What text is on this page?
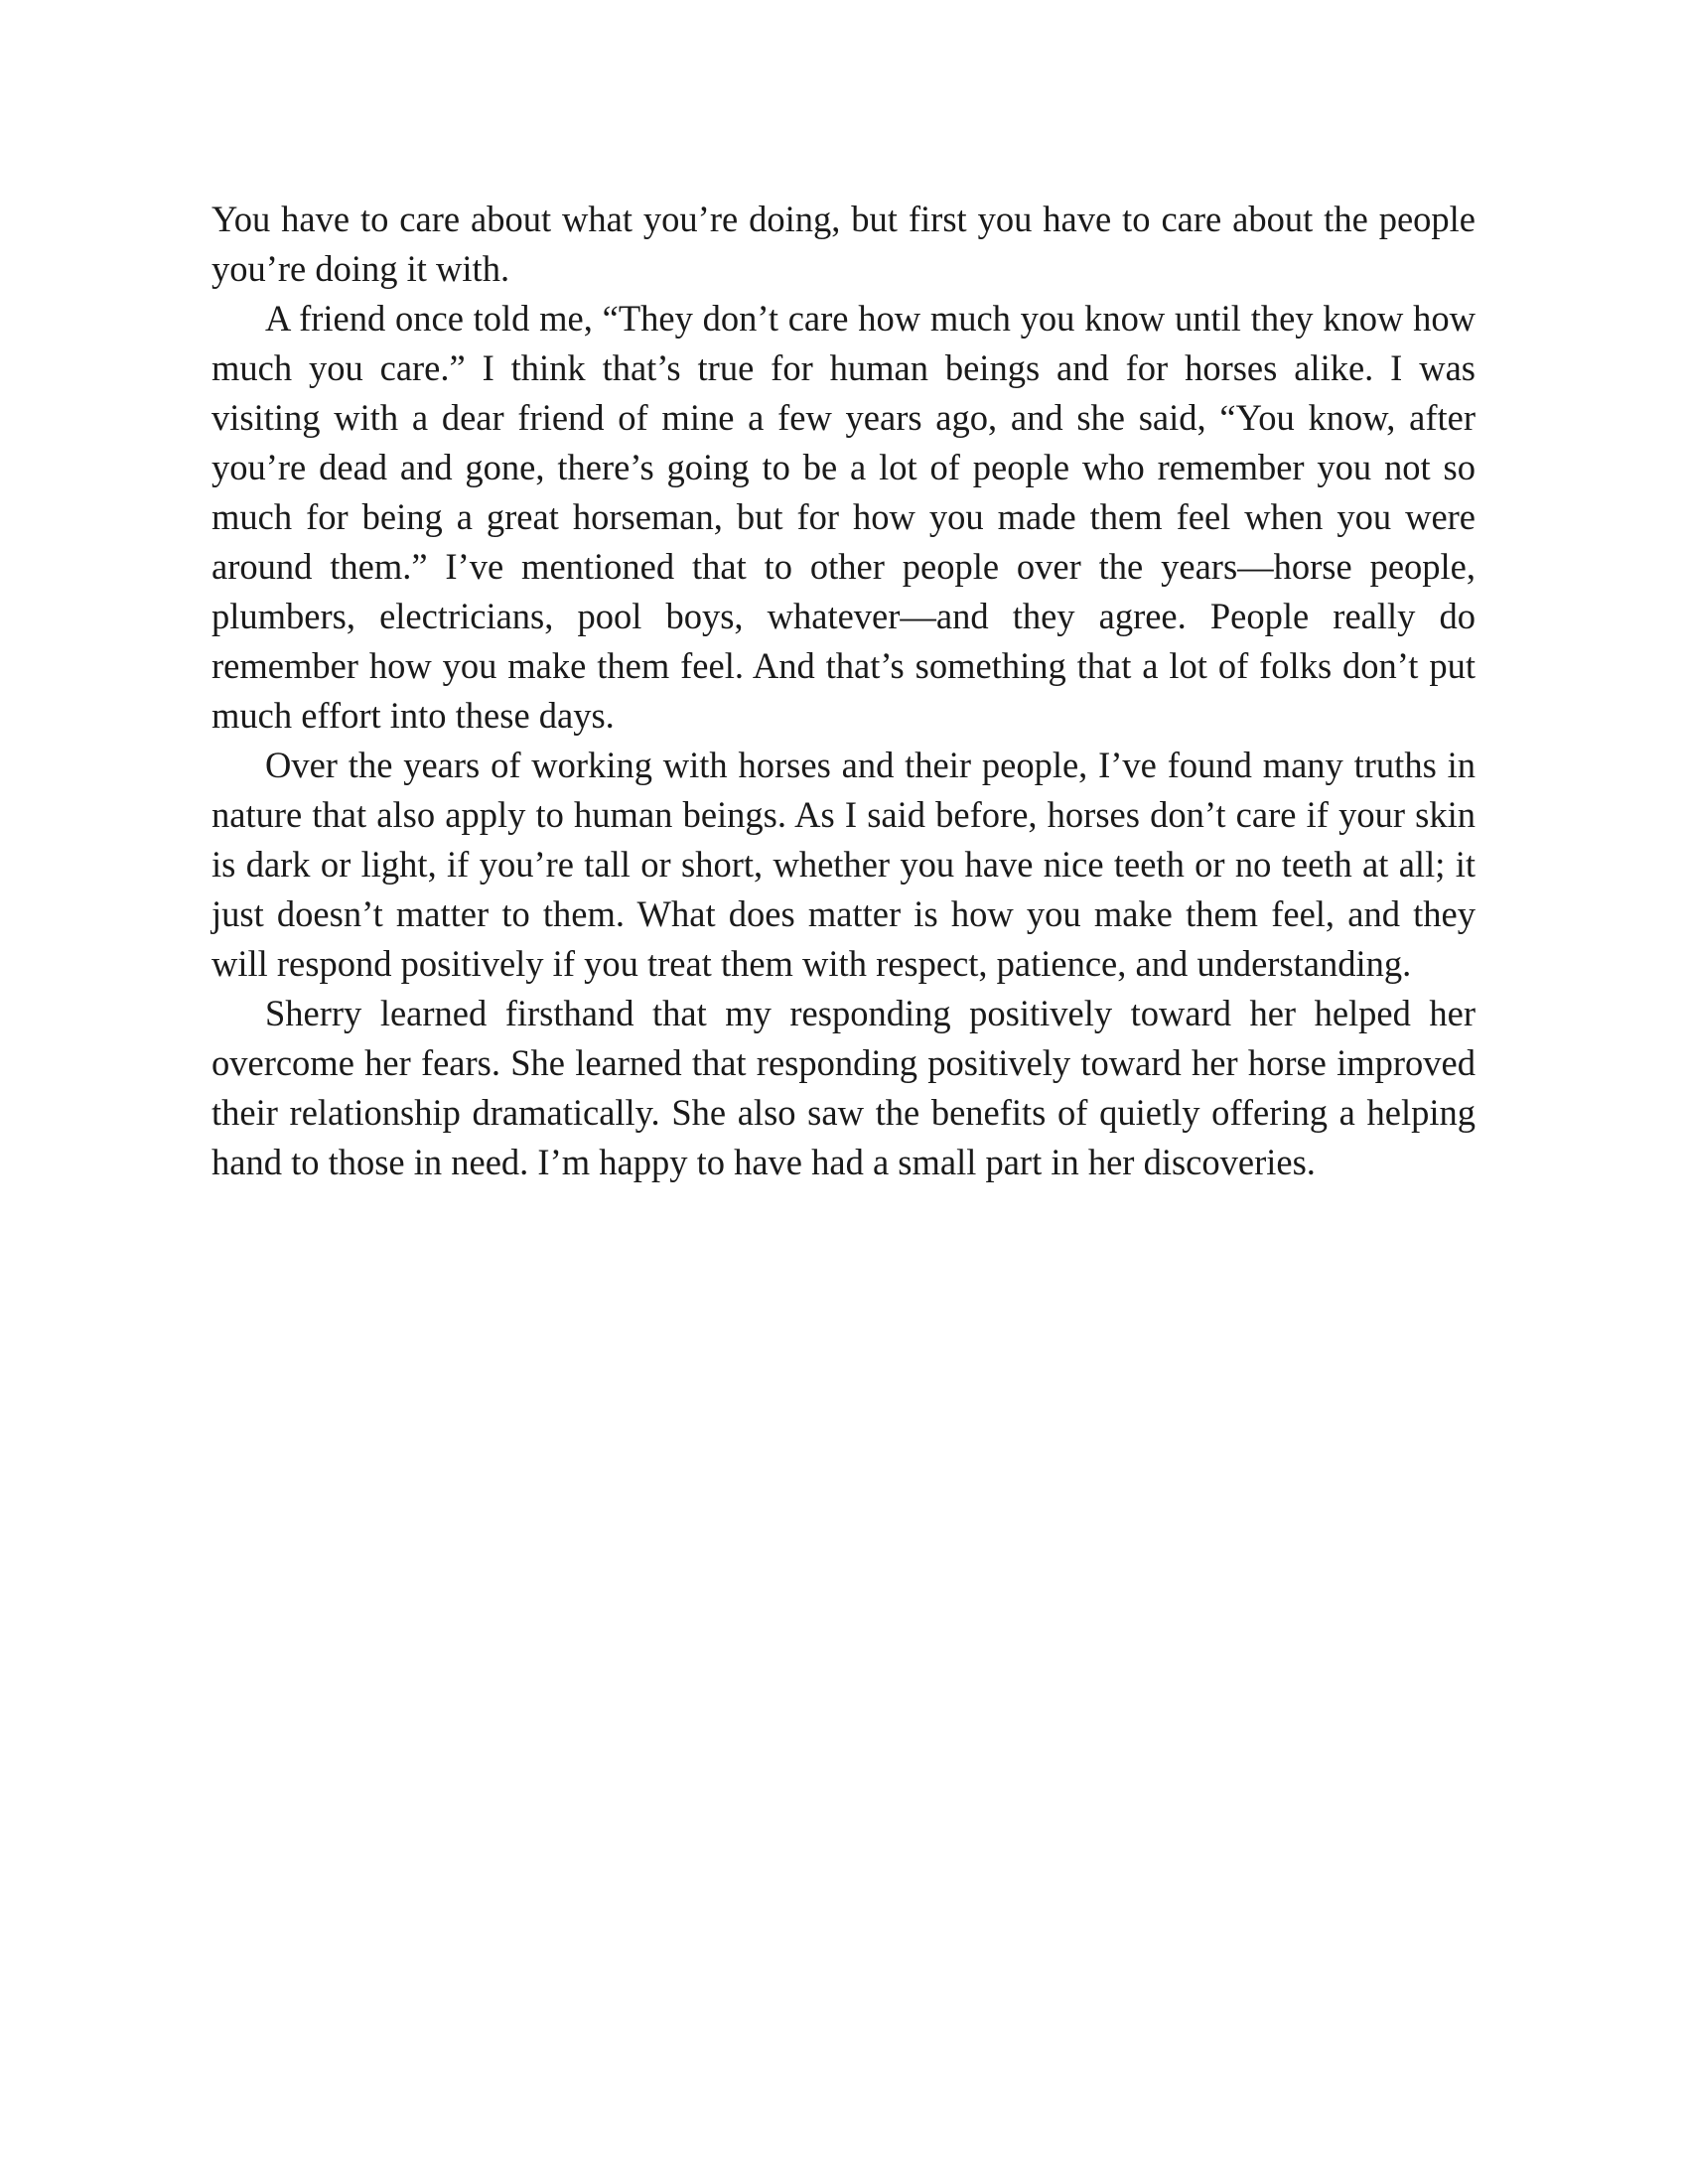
You have to care about what you’re doing, but first you have to care about the people you’re doing it with.

A friend once told me, “They don’t care how much you know until they know how much you care.” I think that’s true for human beings and for horses alike. I was visiting with a dear friend of mine a few years ago, and she said, “You know, after you’re dead and gone, there’s going to be a lot of people who remember you not so much for being a great horseman, but for how you made them feel when you were around them.” I’ve mentioned that to other people over the years—horse people, plumbers, electricians, pool boys, whatever—and they agree. People really do remember how you make them feel. And that’s something that a lot of folks don’t put much effort into these days.

Over the years of working with horses and their people, I’ve found many truths in nature that also apply to human beings. As I said before, horses don’t care if your skin is dark or light, if you’re tall or short, whether you have nice teeth or no teeth at all; it just doesn’t matter to them. What does matter is how you make them feel, and they will respond positively if you treat them with respect, patience, and understanding.

Sherry learned firsthand that my responding positively toward her helped her overcome her fears. She learned that responding positively toward her horse improved their relationship dramatically. She also saw the benefits of quietly offering a helping hand to those in need. I’m happy to have had a small part in her discoveries.
